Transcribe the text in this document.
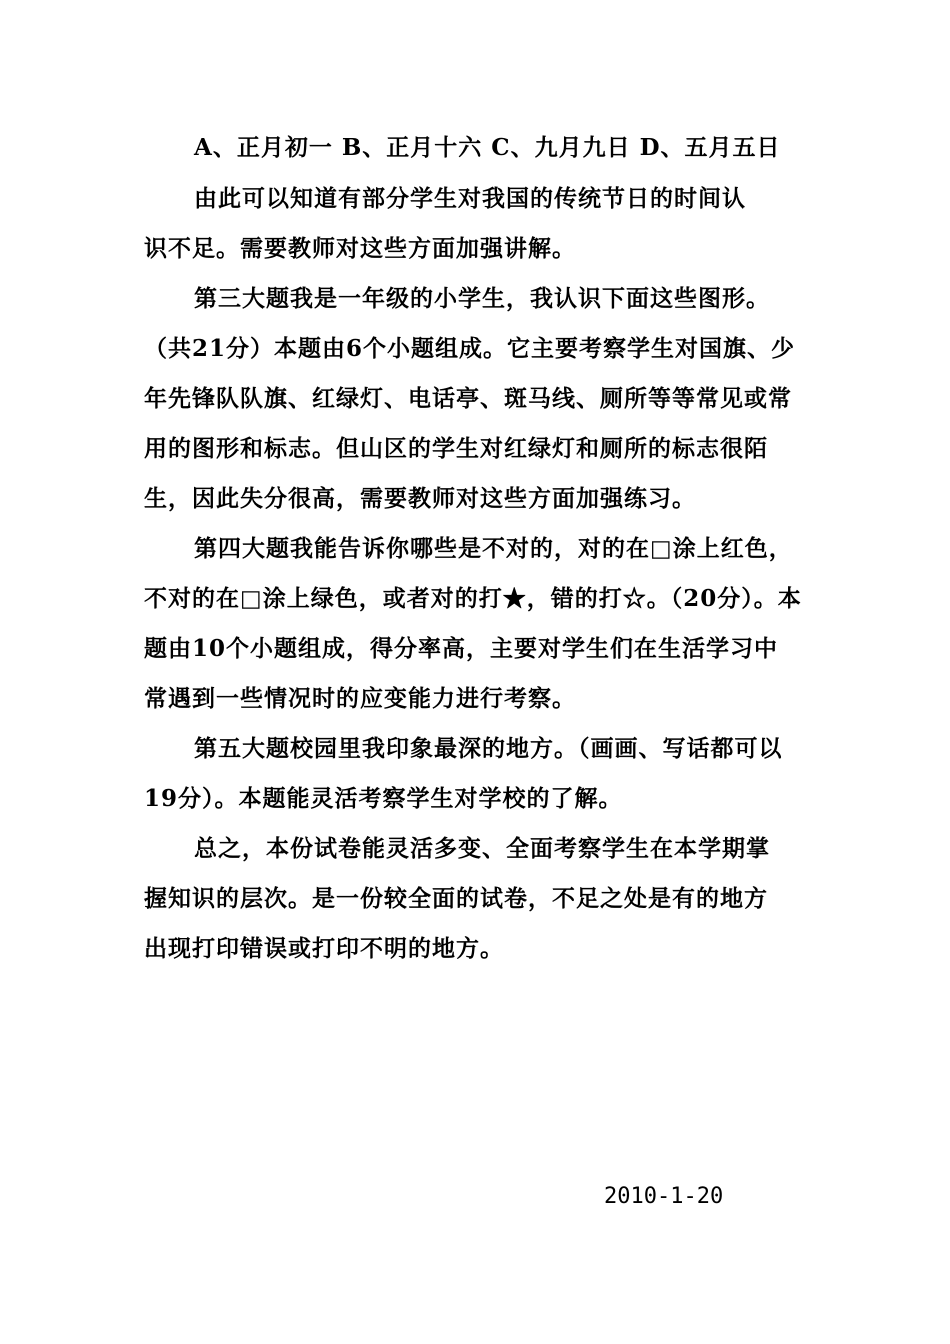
A、正月初一 B、正月十六 C、九月九日 D、五月五日
由此可以知道有部分学生对我国的传统节日的时间认
识不足。需要教师对这些方面加强讲解。
第三大题我是一年级的小学生，我认识下面这些图形。
（共21分）本题由6个小题组成。它主要考察学生对国旗、少
年先锋队队旗、红绿灯、电话亭、斑马线、厕所等等常见或常
用的图形和标志。但山区的学生对红绿灯和厕所的标志很陌
生，因此失分很高，需要教师对这些方面加强练习。
第四大题我能告诉你哪些是不对的，对的在□涂上红色，
不对的在□涂上绿色，或者对的打★，错的打☆。（20分）。本
题由10个小题组成，得分率高，主要对学生们在生活学习中
常遇到一些情况时的应变能力进行考察。
第五大题校园里我印象最深的地方。（画画、写话都可以
19分）。本题能灵活考察学生对学校的了解。
总之，本份试卷能灵活多变、全面考察学生在本学期掌
握知识的层次。是一份较全面的试卷，不足之处是有的地方
出现打印错误或打印不明的地方。
2010-1-20
